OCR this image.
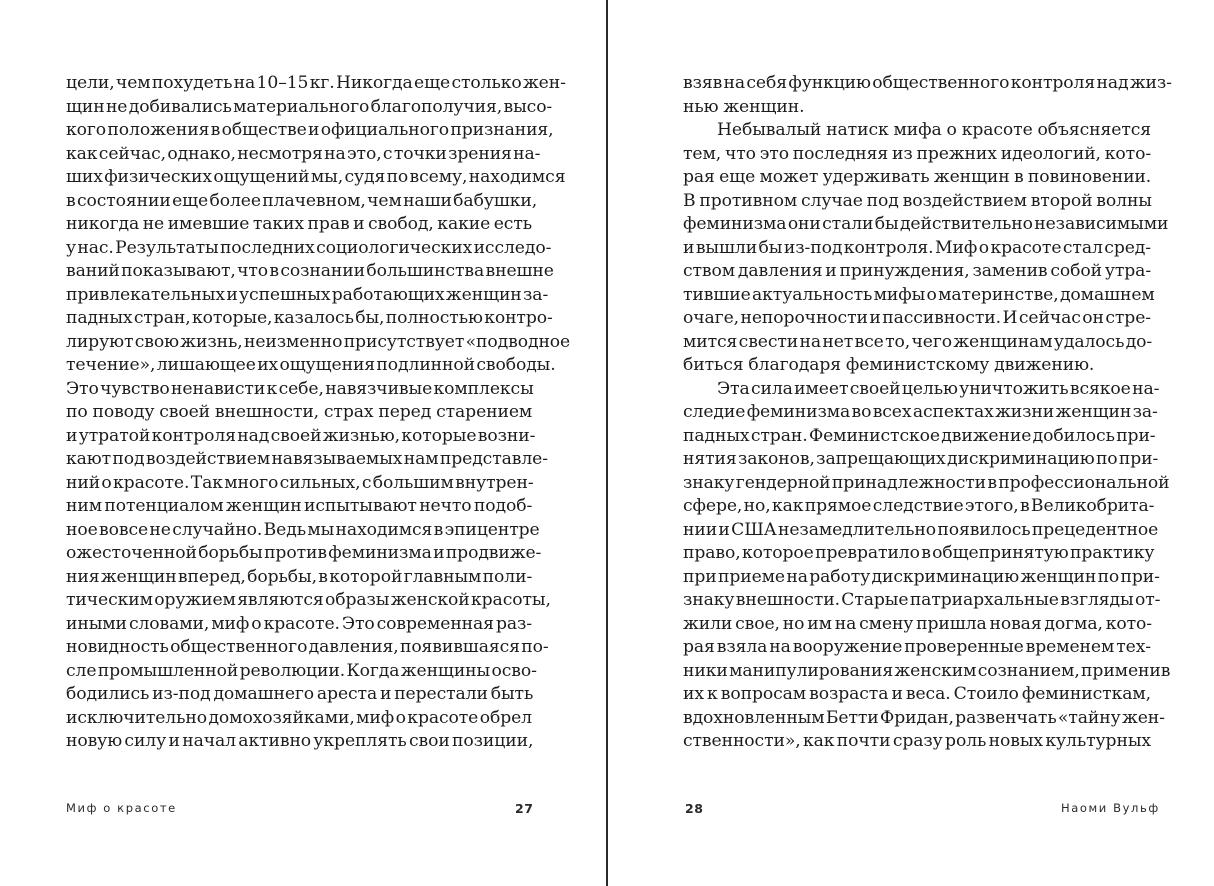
цели, чем похудеть на 10–15 кг. Никогда еще столько жен-
щин не добивались материального благополучия, высо-
кого положения в обществе и официального признания,
как сейчас, однако, несмотря на это, с точки зрения на-
ших физических ощущений мы, судя по всему, находимся
в состоянии еще более плачевном, чем наши бабушки,
никогда не имевшие таких прав и свобод, какие есть
у нас. Результаты последних социологических исследо-
ваний показывают, что в сознании большинства внешне
привлекательных и успешных работающих женщин за-
падных стран, которые, казалось бы, полностью контро-
лируют свою жизнь, неизменно присутствует «подводное
течение», лишающее их ощущения подлинной свободы.
Это чувство ненависти к себе, навязчивые комплексы
по поводу своей внешности, страх перед старением
и утратой контроля над своей жизнью, которые возни-
кают под воздействием навязываемых нам представле-
ний о красоте. Так много сильных, с большим внутрен-
ним потенциалом женщин испытывают нечто подоб-
ное вовсе не случайно. Ведь мы находимся в эпицентре
ожесточенной борьбы против феминизма и продвиже-
ния женщин вперед, борьбы, в которой главным поли-
тическим оружием являются образы женской красоты,
иными словами, миф о красоте. Это современная раз-
новидность общественного давления, появившаяся по-
сле промышленной революции. Когда женщины осво-
бодились из-под домашнего ареста и перестали быть
исключительно домохозяйками, миф о красоте обрел
новую силу и начал активно укреплять свои позиции,
Миф о красоте	27
взяв на себя функцию общественного контроля над жиз-
нью женщин.
Небывалый натиск мифа о красоте объясняется
тем, что это последняя из прежних идеологий, кото-
рая еще может удерживать женщин в повиновении.
В противном случае под воздействием второй волны
феминизма они стали бы действительно независимыми
и вышли бы из-под контроля. Миф о красоте стал сред-
ством давления и принуждения, заменив собой утра-
тившие актуальность мифы о материнстве, домашнем
очаге, непорочности и пассивности. И сейчас он стре-
мится свести на нет все то, чего женщинам удалось до-
биться благодаря феминистскому движению.
Эта сила имеет своей целью уничтожить всякое на-
следие феминизма во всех аспектах жизни женщин за-
падных стран. Феминистское движение добилось при-
нятия законов, запрещающих дискриминацию по при-
знаку гендерной принадлежности в профессиональной
сфере, но, как прямое следствие этого, в Великобрита-
нии и США незамедлительно появилось прецедентное
право, которое превратило в общепринятую практику
при приеме на работу дискриминацию женщин по при-
знаку внешности. Старые патриархальные взгляды от-
жили свое, но им на смену пришла новая догма, кото-
рая взяла на вооружение проверенные временем тех-
ники манипулирования женским сознанием, применив
их к вопросам возраста и веса. Стоило феминисткам,
вдохновленным Бетти Фридан, развенчать «тайну жен-
ственности», как почти сразу роль новых культурных
28	Наоми Вульф
